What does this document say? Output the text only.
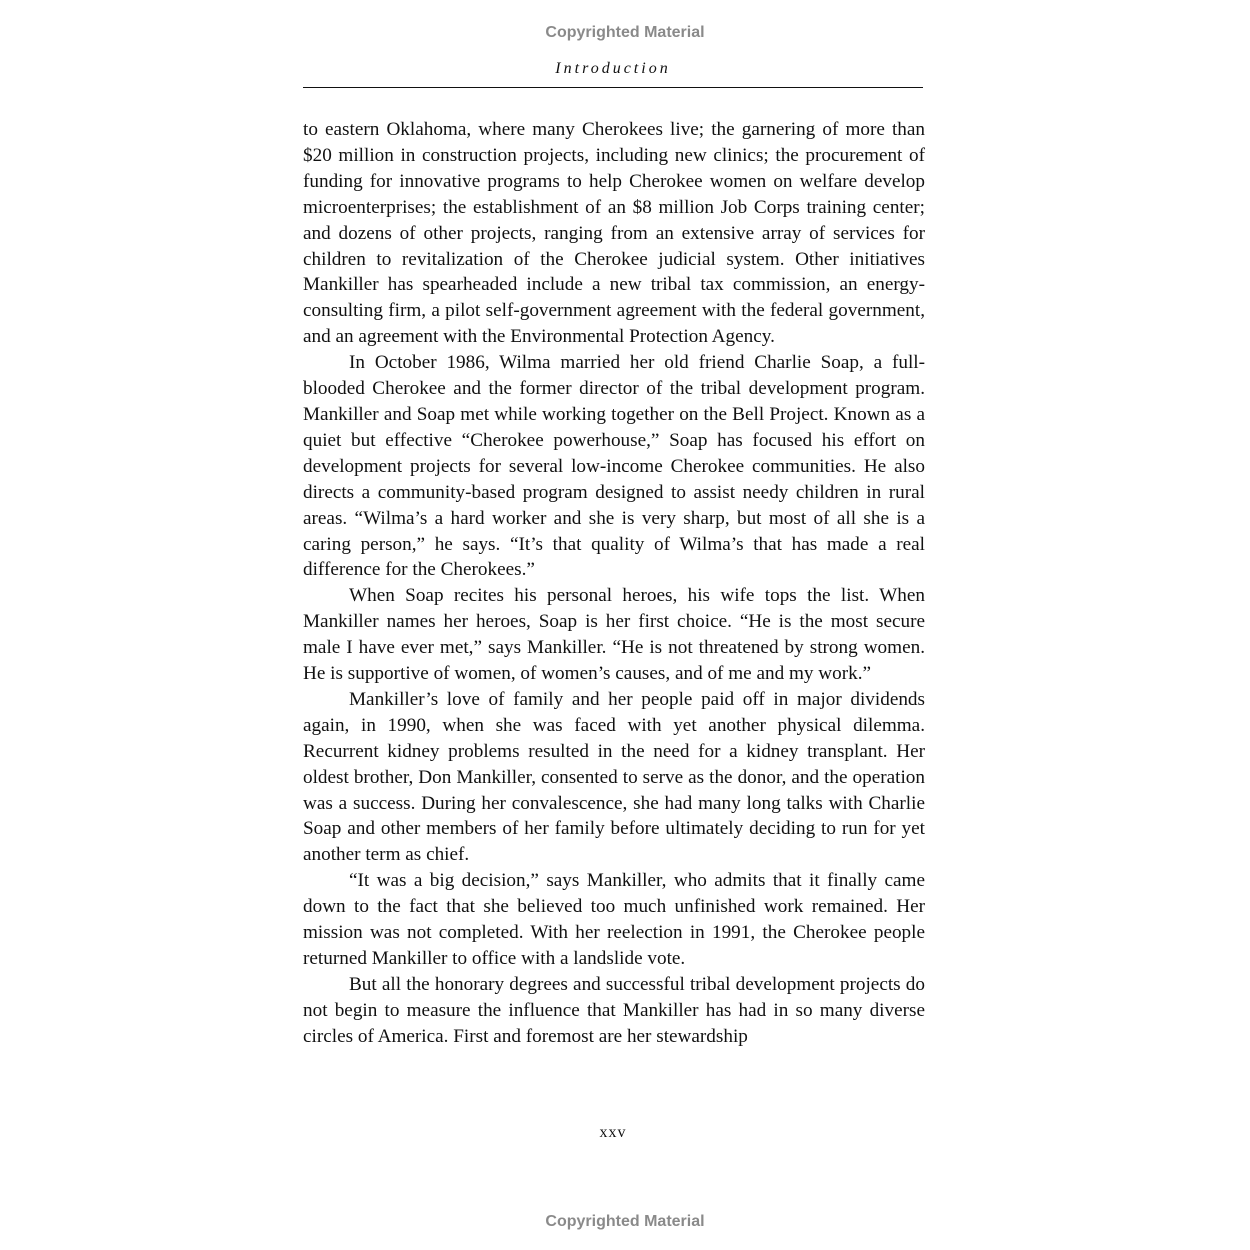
Copyrighted Material
Introduction

to eastern Oklahoma, where many Cherokees live; the garnering of more than $20 million in construction projects, including new clinics; the procurement of funding for innovative programs to help Cherokee women on welfare develop microenterprises; the establishment of an $8 million Job Corps training center; and dozens of other projects, ranging from an extensive array of services for children to revitalization of the Cherokee judicial system. Other initiatives Mankiller has spearheaded include a new tribal tax commission, an energy-consulting firm, a pilot self-government agreement with the federal government, and an agreement with the Environmental Protection Agency.

In October 1986, Wilma married her old friend Charlie Soap, a full-blooded Cherokee and the former director of the tribal development program. Mankiller and Soap met while working together on the Bell Project. Known as a quiet but effective “Cherokee powerhouse,” Soap has focused his effort on development projects for several low-income Cherokee communities. He also directs a community-based program designed to assist needy children in rural areas. “Wilma’s a hard worker and she is very sharp, but most of all she is a caring person,” he says. “It’s that quality of Wilma’s that has made a real difference for the Cherokees.”

When Soap recites his personal heroes, his wife tops the list. When Mankiller names her heroes, Soap is her first choice. “He is the most secure male I have ever met,” says Mankiller. “He is not threatened by strong women. He is supportive of women, of women’s causes, and of me and my work.”

Mankiller’s love of family and her people paid off in major dividends again, in 1990, when she was faced with yet another physical dilemma. Recurrent kidney problems resulted in the need for a kidney transplant. Her oldest brother, Don Mankiller, consented to serve as the donor, and the operation was a success. During her convalescence, she had many long talks with Charlie Soap and other members of her family before ultimately deciding to run for yet another term as chief.

“It was a big decision,” says Mankiller, who admits that it finally came down to the fact that she believed too much unfinished work remained. Her mission was not completed. With her reelection in 1991, the Cherokee people returned Mankiller to office with a landslide vote.

But all the honorary degrees and successful tribal development projects do not begin to measure the influence that Mankiller has had in so many diverse circles of America. First and foremost are her stewardship

xxv
Copyrighted Material
